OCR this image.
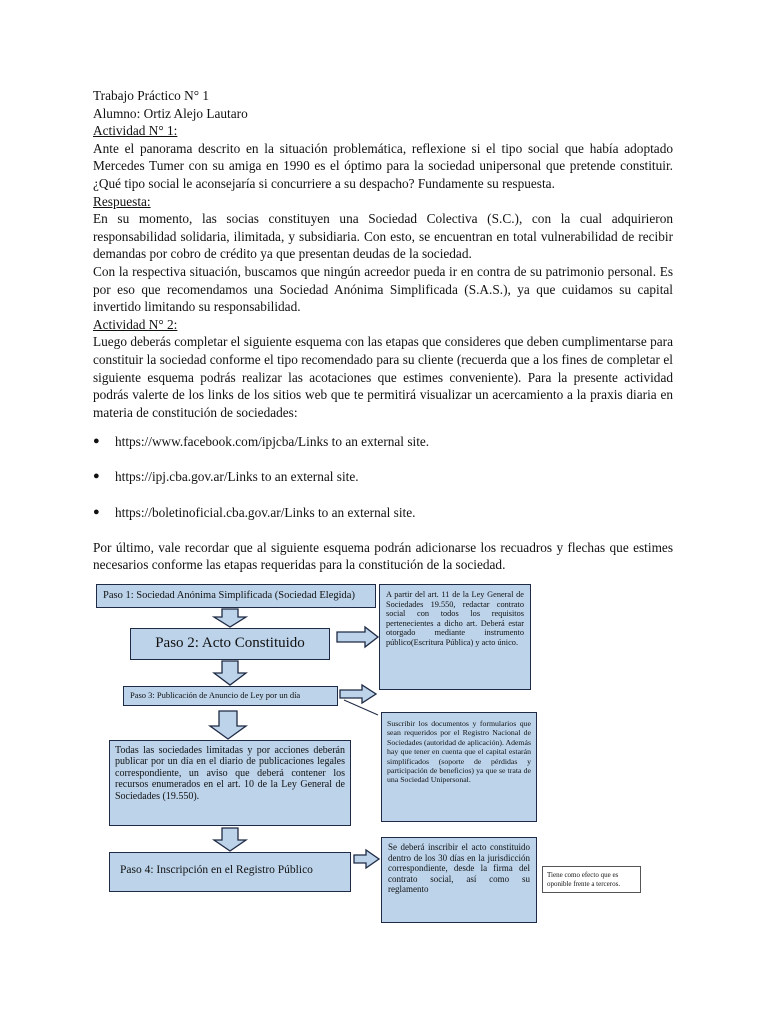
Trabajo Práctico N° 1

Alumno: Ortiz Alejo Lautaro

Actividad N° 1:

Ante el panorama descrito en la situación problemática, reflexione si el tipo social que había adoptado Mercedes Tumer con su amiga en 1990 es el óptimo para la sociedad unipersonal que pretende constituir. ¿Qué tipo social le aconsejaría si concurriere a su despacho? Fundamente su respuesta.

Respuesta:

En su momento, las socias constituyen una Sociedad Colectiva (S.C.), con la cual adquirieron responsabilidad solidaria, ilimitada, y subsidiaria. Con esto, se encuentran en total vulnerabilidad de recibir demandas por cobro de crédito ya que presentan deudas de la sociedad.

Con la respectiva situación, buscamos que ningún acreedor pueda ir en contra de su patrimonio personal. Es por eso que recomendamos una Sociedad Anónima Simplificada (S.A.S.), ya que cuidamos su capital invertido limitando su responsabilidad.

Actividad N° 2:

Luego deberás completar el siguiente esquema con las etapas que consideres que deben cumplimentarse para constituir la sociedad conforme el tipo recomendado para su cliente (recuerda que a los fines de completar el siguiente esquema podrás realizar las acotaciones que estimes conveniente). Para la presente actividad podrás valerte de los links de los sitios web que te permitirá visualizar un acercamiento a la praxis diaria en materia de constitución de sociedades:

● https://www.facebook.com/ipjcba/Links to an external site.
● https://ipj.cba.gov.ar/Links to an external site.
● https://boletinoficial.cba.gov.ar/Links to an external site.

Por último, vale recordar que al siguiente esquema podrán adicionarse los recuadros y flechas que estimes necesarios conforme las etapas requeridas para la constitución de la sociedad.

Paso 1: Sociedad Anónima Simplificada (Sociedad Elegida)
Paso 2: Acto Constituido
Paso 3: Publicación de Anuncio de Ley por un día
Todas las sociedades limitadas y por acciones deberán publicar por un día en el diario de publicaciones legales correspondiente, un aviso que deberá contener los recursos enumerados en el art. 10 de la Ley General de Sociedades (19.550).
Paso 4: Inscripción en el Registro Público
A partir del art. 11 de la Ley General de Sociedades 19.550, redactar contrato social con todos los requisitos pertenecientes a dicho art. Deberá estar otorgado mediante instrumento público(Escritura Pública) y acto único.
Suscribir los documentos y formularios que sean requeridos por el Registro Nacional de Sociedades (autoridad de aplicación). Además hay que tener en cuenta que el capital estarán simplificados (soporte de pérdidas y participación de beneficios) ya que se trata de una Sociedad Unipersonal.
Se deberá inscribir el acto constituido dentro de los 30 días en la jurisdicción correspondiente, desde la firma del contrato social, así como su reglamento
Tiene como efecto que es oponible frente a terceros.
